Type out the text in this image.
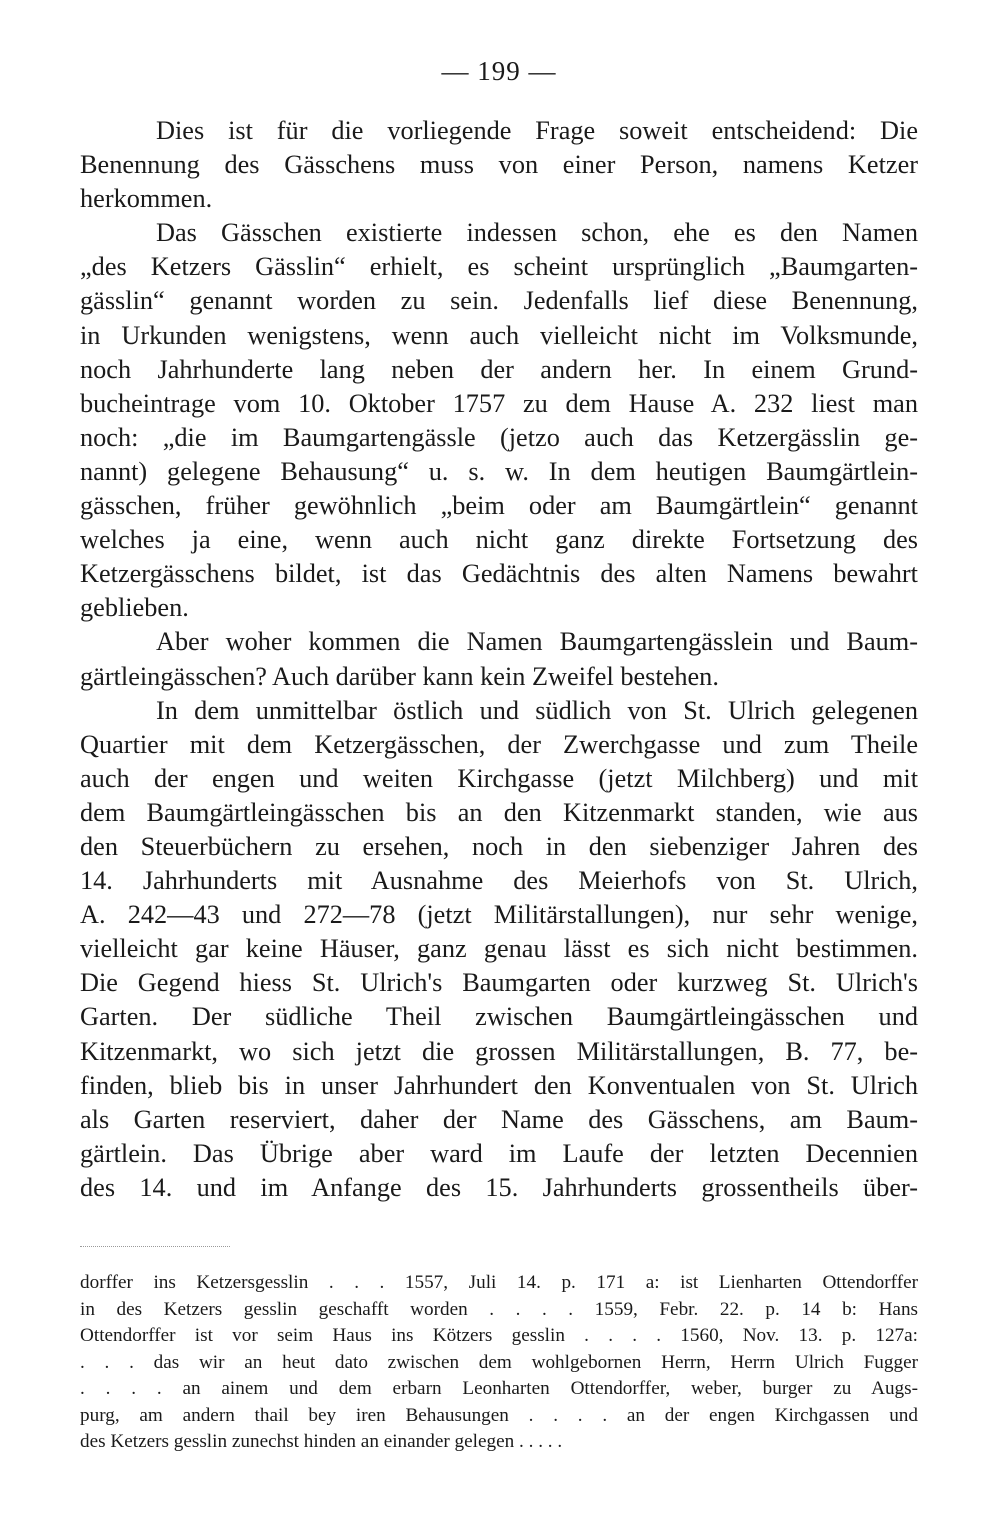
— 199 —
Dies ist für die vorliegende Frage soweit entscheidend: Die
Benennung des Gässchens muss von einer Person, namens Ketzer
herkommen.
Das Gässchen existierte indessen schon, ehe es den Namen
„des Ketzers Gässlin“ erhielt, es scheint ursprünglich „Baumgarten-
gässlin“ genannt worden zu sein. Jedenfalls lief diese Benennung,
in Urkunden wenigstens, wenn auch vielleicht nicht im Volksmunde,
noch Jahrhunderte lang neben der andern her. In einem Grund-
bucheintrage vom 10. Oktober 1757 zu dem Hause A. 232 liest man
noch: „die im Baumgartengässle (jetzo auch das Ketzergässlin ge-
nannt) gelegene Behausung“ u. s. w. In dem heutigen Baumgärtlein-
gässchen, früher gewöhnlich „beim oder am Baumgärtlein“ genannt
welches ja eine, wenn auch nicht ganz direkte Fortsetzung des
Ketzergässchens bildet, ist das Gedächtnis des alten Namens bewahrt
geblieben.
Aber woher kommen die Namen Baumgartengässlein und Baum-
gärtleingässchen? Auch darüber kann kein Zweifel bestehen.
In dem unmittelbar östlich und südlich von St. Ulrich gelegenen
Quartier mit dem Ketzergässchen, der Zwerchgasse und zum Theile
auch der engen und weiten Kirchgasse (jetzt Milchberg) und mit
dem Baumgärtleingässchen bis an den Kitzenmarkt standen, wie aus
den Steuerbüchern zu ersehen, noch in den siebenziger Jahren des
14. Jahrhunderts mit Ausnahme des Meierhofs von St. Ulrich,
A. 242—43 und 272—78 (jetzt Militärstallungen), nur sehr wenige,
vielleicht gar keine Häuser, ganz genau lässt es sich nicht bestimmen.
Die Gegend hiess St. Ulrich's Baumgarten oder kurzweg St. Ulrich's
Garten. Der südliche Theil zwischen Baumgärtleingässchen und
Kitzenmarkt, wo sich jetzt die grossen Militärstallungen, B. 77, be-
finden, blieb bis in unser Jahrhundert den Konventualen von St. Ulrich
als Garten reserviert, daher der Name des Gässchens, am Baum-
gärtlein. Das Übrige aber ward im Laufe der letzten Decennien
des 14. und im Anfange des 15. Jahrhunderts grossentheils über-
dorffer ins Ketzersgesslin . . . 1557, Juli 14. p. 171 a: ist Lienharten Ottendorffer
in des Ketzers gesslin geschafft worden . . . . 1559, Febr. 22. p. 14 b: Hans
Ottendorffer ist vor seim Haus ins Kötzers gesslin . . . . 1560, Nov. 13. p. 127a:
. . . das wir an heut dato zwischen dem wohlgebornen Herrn, Herrn Ulrich Fugger
. . . . an ainem und dem erbarn Leonharten Ottendorffer, weber, burger zu Augs-
purg, am andern thail bey iren Behausungen . . . . an der engen Kirchgassen und
des Ketzers gesslin zunechst hinden an einander gelegen . . . . .
